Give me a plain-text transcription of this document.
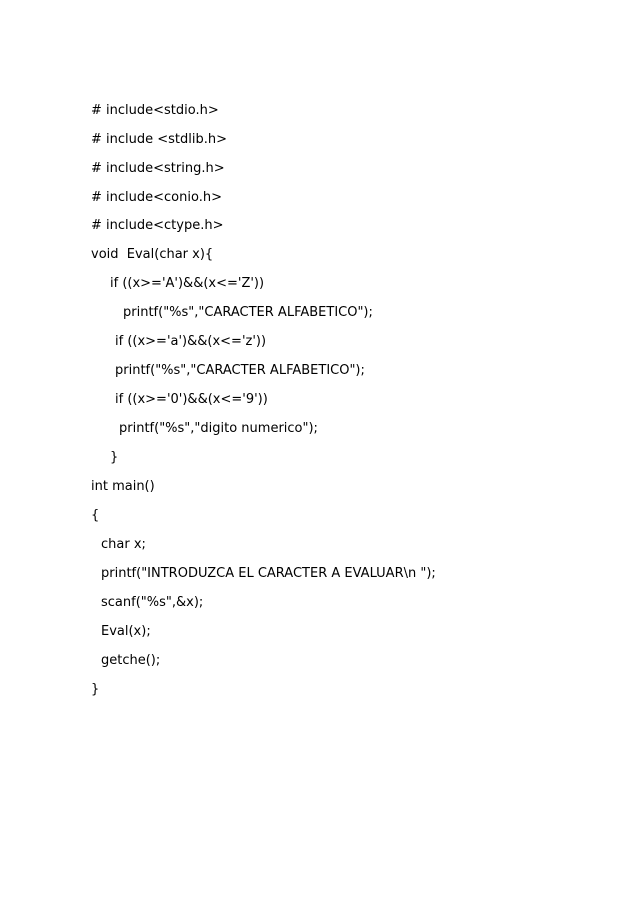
# include<stdio.h>
# include <stdlib.h>
# include<string.h>
# include<conio.h>
# include<ctype.h>
void  Eval(char x){
if ((x>='A')&&(x<='Z'))
printf("%s","CARACTER ALFABETICO");
if ((x>='a')&&(x<='z'))
printf("%s","CARACTER ALFABETICO");
if ((x>='0')&&(x<='9'))
printf("%s","digito numerico");
}
int main()
{
char x;
printf("INTRODUZCA EL CARACTER A EVALUAR\n ");
scanf("%s",&x);
Eval(x);
getche();
}
